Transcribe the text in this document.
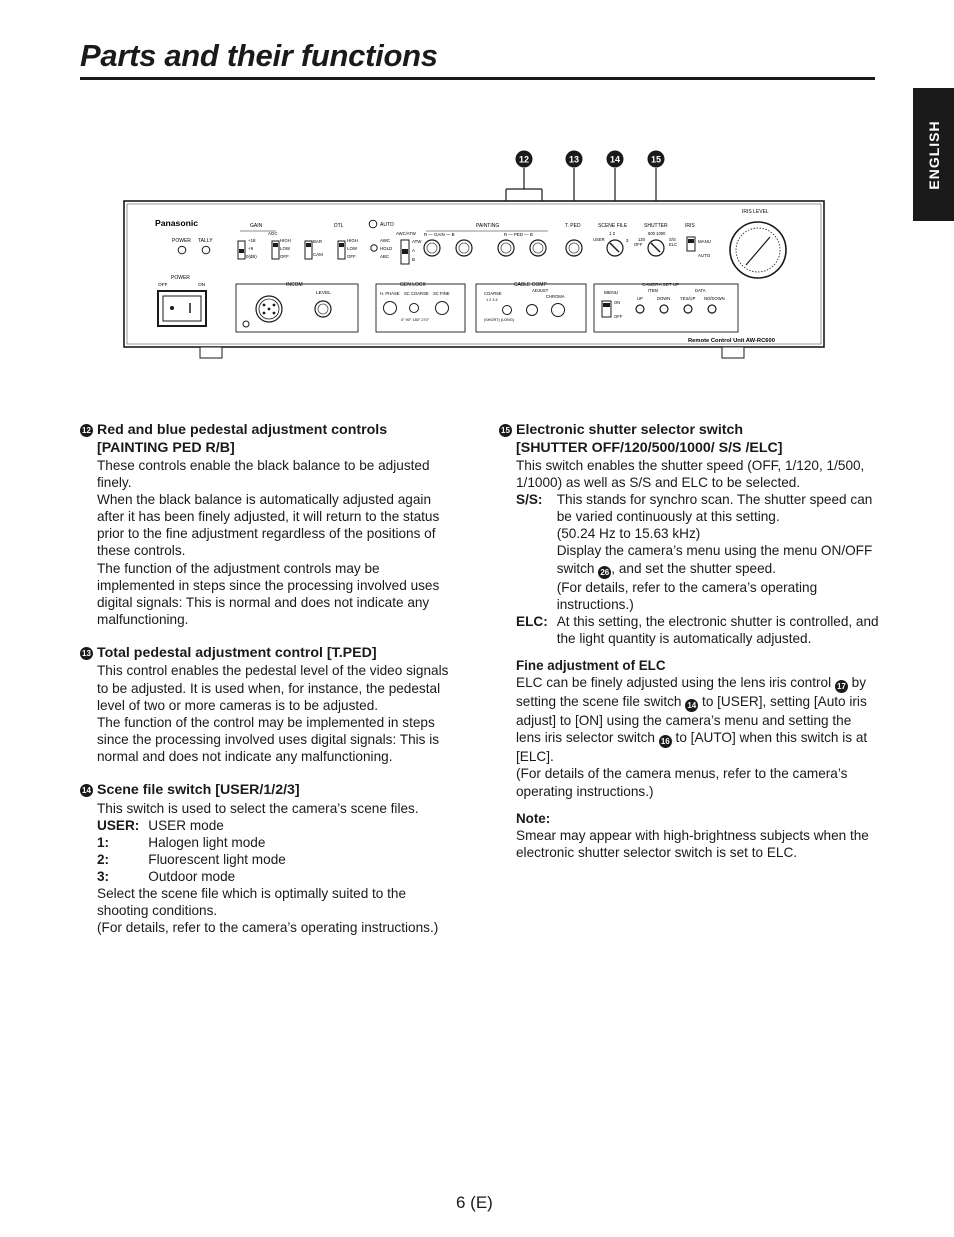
Parts and their functions
ENGLISH
12	13	14	15
Panasonic
POWER TALLY
POWER
OFF	ON
GAIN
AGC
+18
+9
0(dB)
HIGH
LOW
OFF
BAR
CAM
DTL
HIGH
LOW
OFF
AUTO
AWC
HOLD
ABC
AWC/ATW
ATW
A
B
PAINTING
R — GAIN — B	R — PED — B
T. PED	SCENE FILE
1 2
USER	3
SHUTTER
500 1000
120
OFF
S/S
ELC
IRIS
MANU
AUTO
IRIS LEVEL
INCOM
LEVEL
GEN LOCK
H. PHASE SC COARSE SC FINE
0° 90° 180° 270°
CABLE COMP
COARSE
ADJUST
CHROMA
1 2 3 4
(SHORT) (LONG)
MENU
ON
OFF
CAMERA SET UP
ITEM	DATA
UP	DOWN YES/UP NO/DOWN
Remote Control Unit AW-RC600
12 Red and blue pedestal adjustment controls
[PAINTING PED R/B]

These controls enable the black balance to be adjusted finely.

When the black balance is automatically adjusted again after it has been finely adjusted, it will return to the status prior to the fine adjustment regardless of the positions of these controls.

The function of the adjustment controls may be implemented in steps since the processing involved uses digital signals: This is normal and does not indicate any malfunctioning.

13 Total pedestal adjustment control [T.PED]

This control enables the pedestal level of the video signals to be adjusted. It is used when, for instance, the pedestal level of two or more cameras is to be adjusted.

The function of the control may be implemented in steps since the processing involved uses digital signals: This is normal and does not indicate any malfunctioning.

14 Scene file switch [USER/1/2/3]

This switch is used to select the camera’s scene files.

USER:	USER mode
1:	Halogen light mode
2:	Fluorescent light mode
3:	Outdoor mode

Select the scene file which is optimally suited to the shooting conditions.

(For details, refer to the camera’s operating instructions.)

15 Electronic shutter selector switch
[SHUTTER OFF/120/500/1000/ S/S /ELC]

This switch enables the shutter speed (OFF, 1/120, 1/500, 1/1000) as well as S/S and ELC to be selected.

S/S:	This stands for synchro scan. The shutter speed can be varied continuously at this setting.
(50.24 Hz to 15.63 kHz)
Display the camera’s menu using the menu ON/OFF switch 26 , and set the shutter speed.
(For details, refer to the camera’s operating instructions.)

ELC:	At this setting, the electronic shutter is controlled, and the light quantity is automatically adjusted.
Fine adjustment of ELC

ELC can be finely adjusted using the lens iris control 17 by setting the scene file switch 14 to [USER], setting [Auto iris adjust] to [ON] using the camera’s menu and setting the lens iris selector switch 16 to [AUTO] when this switch is at [ELC].

(For details of the camera menus, refer to the camera’s operating instructions.)

Note:

Smear may appear with high-brightness subjects when the electronic shutter selector switch is set to ELC.

6 (E)
